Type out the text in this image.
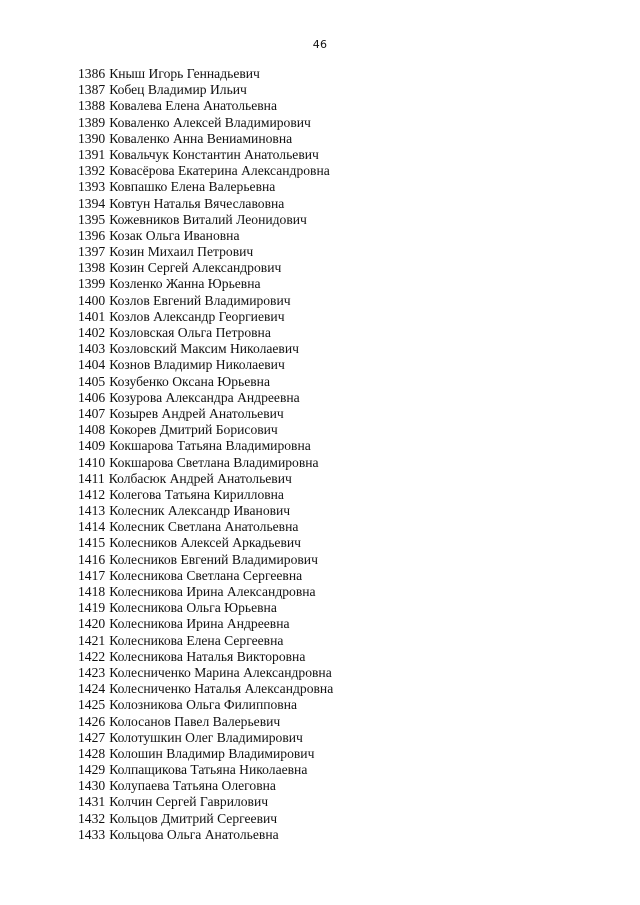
46
1386 Кныш Игорь Геннадьевич
1387 Кобец Владимир Ильич
1388 Ковалева Елена Анатольевна
1389 Коваленко Алексей Владимирович
1390 Коваленко Анна Вениаминовна
1391 Ковальчук Константин Анатольевич
1392 Ковасёрова Екатерина Александровна
1393 Ковпашко Елена Валерьевна
1394 Ковтун Наталья Вячеславовна
1395 Кожевников Виталий Леонидович
1396 Козак Ольга Ивановна
1397 Козин Михаил Петрович
1398 Козин Сергей Александрович
1399 Козленко Жанна Юрьевна
1400 Козлов Евгений Владимирович
1401 Козлов Александр Георгиевич
1402 Козловская Ольга Петровна
1403 Козловский Максим Николаевич
1404 Кознов Владимир Николаевич
1405 Козубенко Оксана Юрьевна
1406 Козурова Александра Андреевна
1407 Козырев Андрей Анатольевич
1408 Кокорев Дмитрий Борисович
1409 Кокшарова Татьяна Владимировна
1410 Кокшарова Светлана Владимировна
1411 Колбасюк Андрей Анатольевич
1412 Колегова Татьяна Кирилловна
1413 Колесник Александр Иванович
1414 Колесник Светлана Анатольевна
1415 Колесников Алексей Аркадьевич
1416 Колесников Евгений Владимирович
1417 Колесникова Светлана Сергеевна
1418 Колесникова Ирина Александровна
1419 Колесникова Ольга Юрьевна
1420 Колесникова Ирина Андреевна
1421 Колесникова Елена Сергеевна
1422 Колесникова Наталья Викторовна
1423 Колесниченко Марина Александровна
1424 Колесниченко Наталья Александровна
1425 Колозникова Ольга Филипповна
1426 Колосанов Павел Валерьевич
1427 Колотушкин Олег Владимирович
1428 Колошин Владимир Владимирович
1429 Колпащикова Татьяна Николаевна
1430 Колупаева Татьяна Олеговна
1431 Колчин Сергей Гаврилович
1432 Кольцов Дмитрий Сергеевич
1433 Кольцова Ольга Анатольевна
